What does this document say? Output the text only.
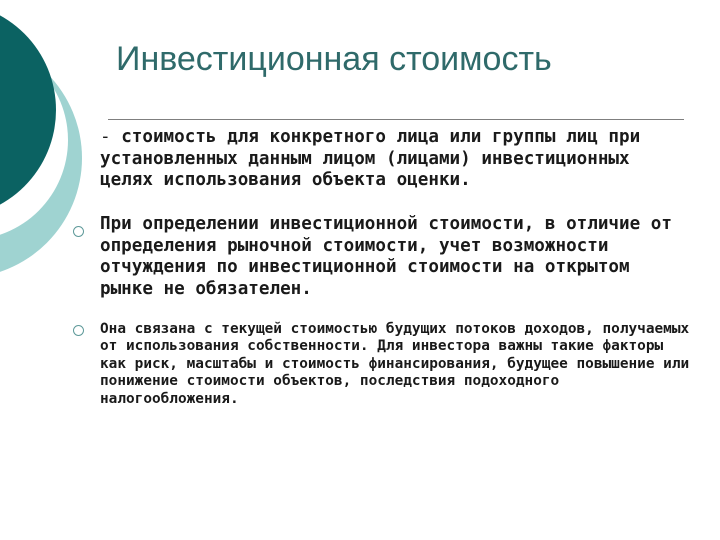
Инвестиционная стоимость
- стоимость для конкретного лица или группы лиц при установленных данным лицом (лицами) инвестиционных целях использования объекта оценки.
При определении инвестиционной стоимости, в отличие от определения рыночной стоимости, учет возможности отчуждения по инвестиционной стоимости на открытом рынке не обязателен.
Она связана с текущей стоимостью будущих потоков доходов, получаемых от использования собственности. Для инвестора важны такие факторы как риск, масштабы и стоимость финансирования, будущее повышение или понижение стоимости объектов, последствия подоходного налогообложения.
